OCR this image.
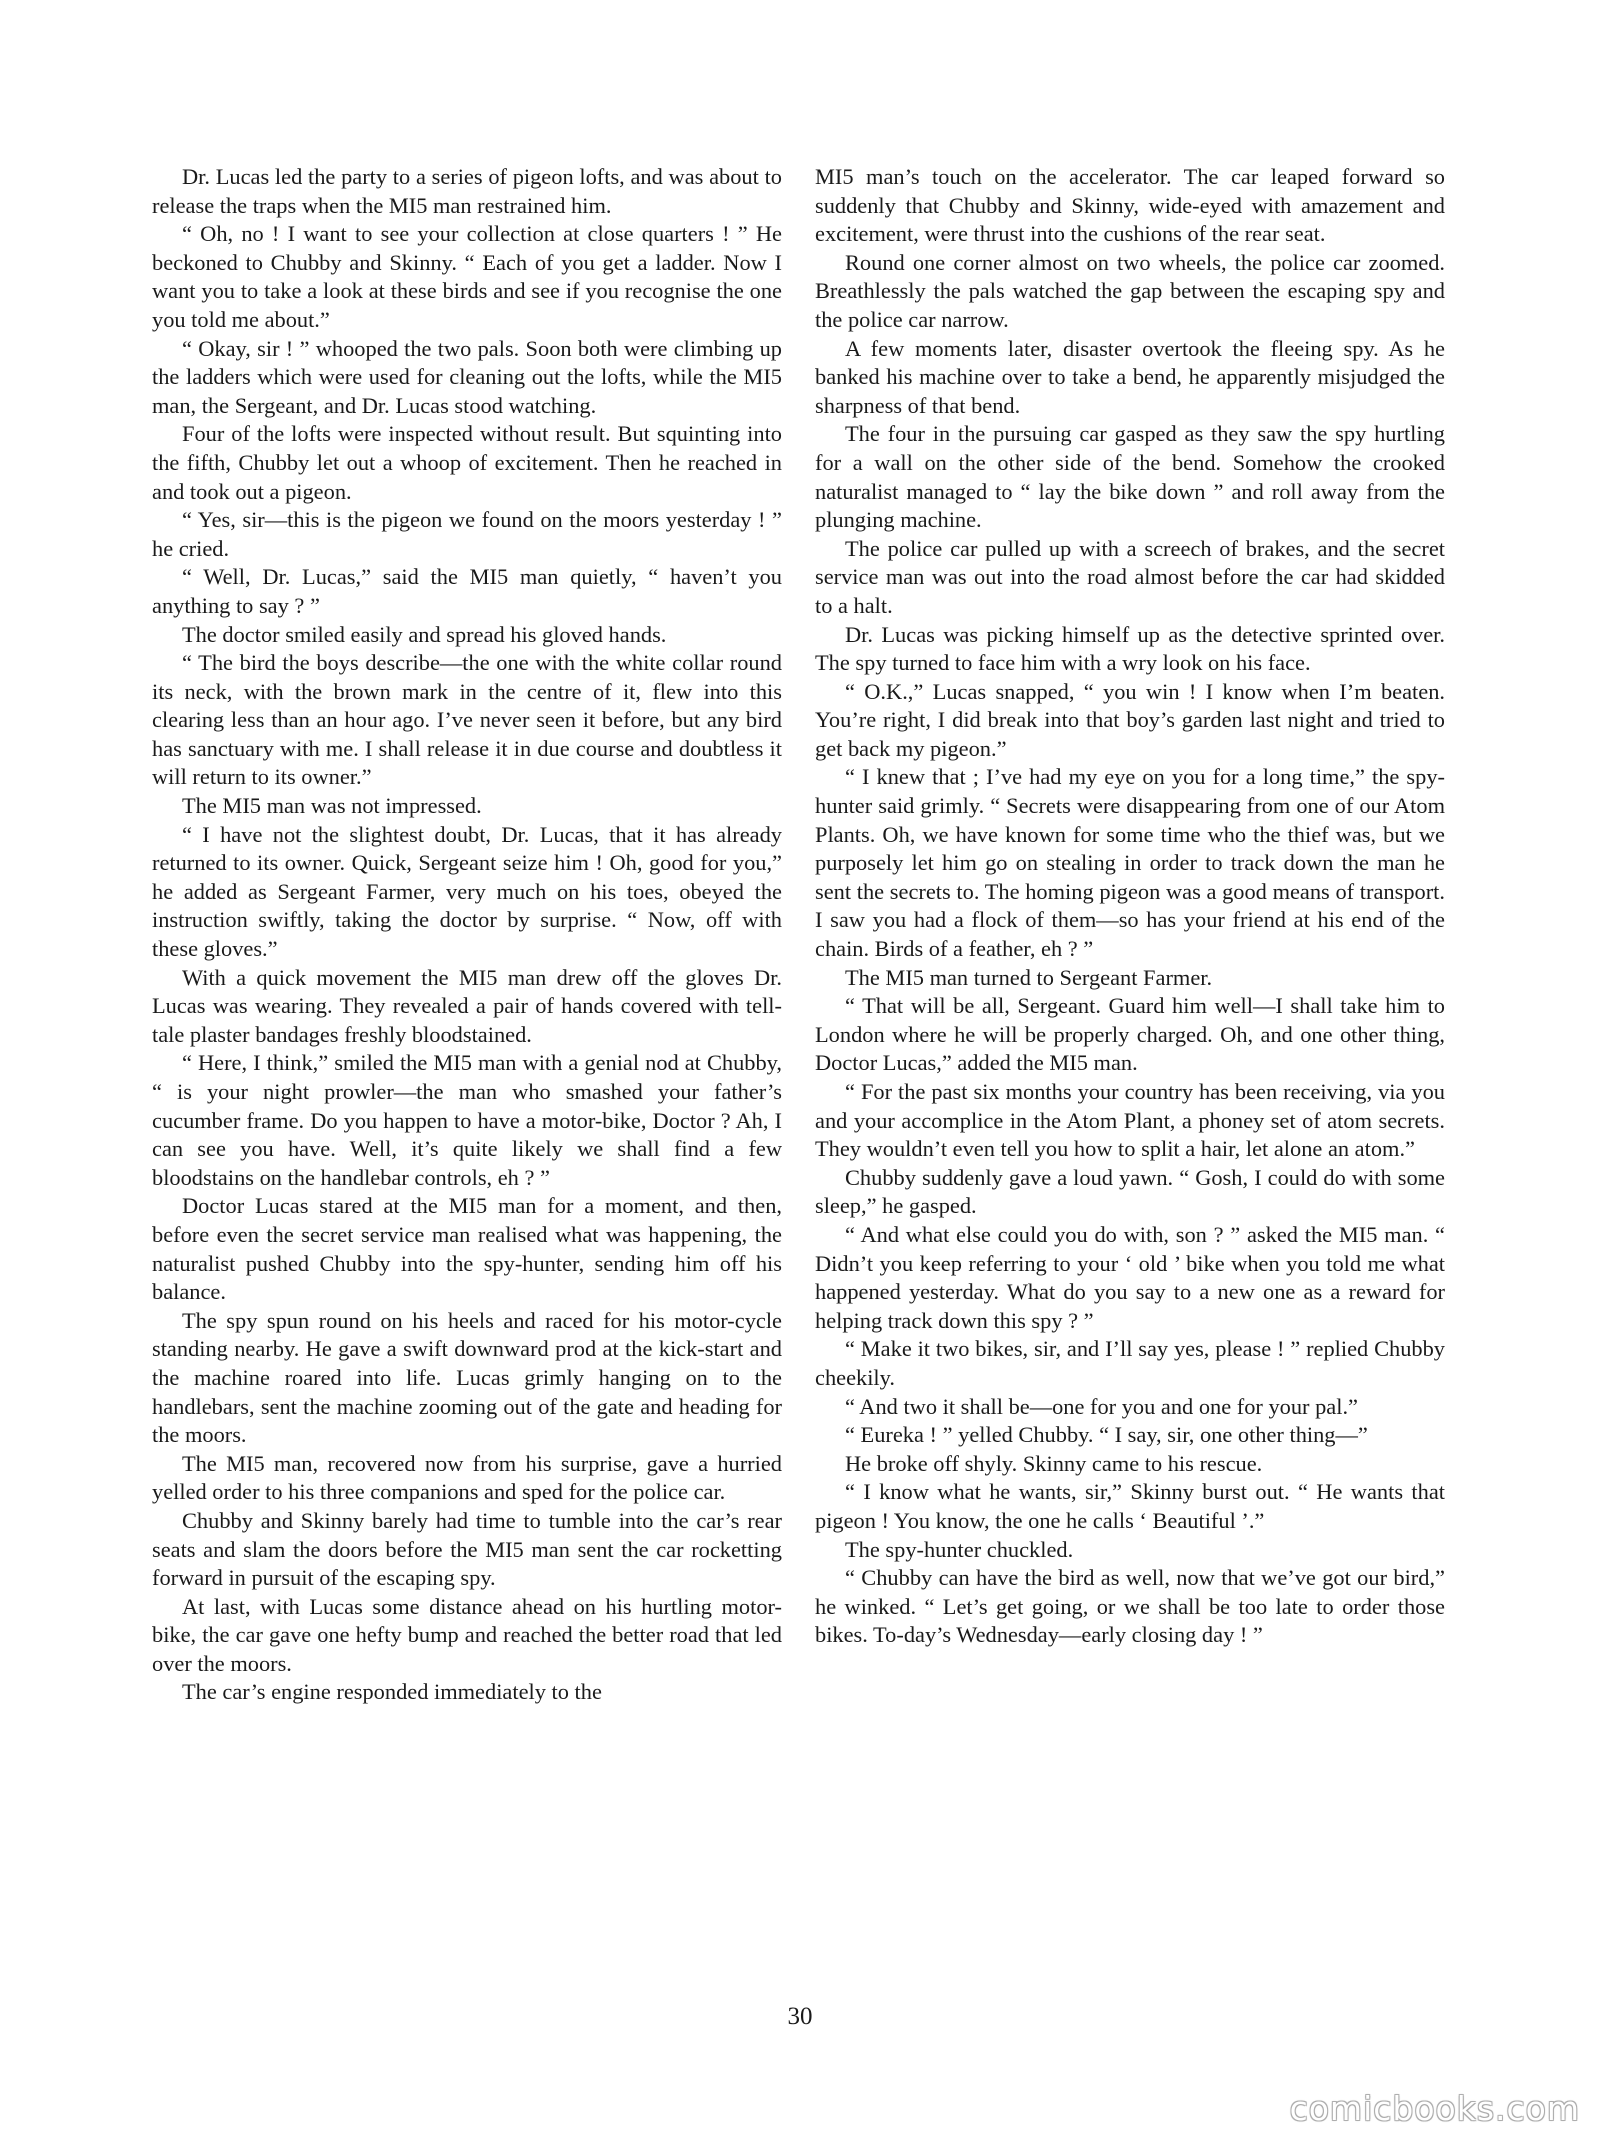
Dr. Lucas led the party to a series of pigeon lofts, and was about to release the traps when the MI5 man restrained him.

“ Oh, no ! I want to see your collection at close quarters ! ” He beckoned to Chubby and Skinny. “ Each of you get a ladder. Now I want you to take a look at these birds and see if you recognise the one you told me about.”

“ Okay, sir ! ” whooped the two pals. Soon both were climbing up the ladders which were used for cleaning out the lofts, while the MI5 man, the Sergeant, and Dr. Lucas stood watching.

Four of the lofts were inspected without result. But squinting into the fifth, Chubby let out a whoop of excitement. Then he reached in and took out a pigeon.

“ Yes, sir—this is the pigeon we found on the moors yesterday ! ” he cried.

“ Well, Dr. Lucas,” said the MI5 man quietly, “ haven’t you anything to say ? ”

The doctor smiled easily and spread his gloved hands.

“ The bird the boys describe—the one with the white collar round its neck, with the brown mark in the centre of it, flew into this clearing less than an hour ago. I’ve never seen it before, but any bird has sanctuary with me. I shall release it in due course and doubtless it will return to its owner.”

The MI5 man was not impressed.

“ I have not the slightest doubt, Dr. Lucas, that it has already returned to its owner. Quick, Sergeant seize him ! Oh, good for you,” he added as Sergeant Farmer, very much on his toes, obeyed the instruction swiftly, taking the doctor by surprise. “ Now, off with these gloves.”

With a quick movement the MI5 man drew off the gloves Dr. Lucas was wearing. They revealed a pair of hands covered with tell-tale plaster bandages freshly bloodstained.

“ Here, I think,” smiled the MI5 man with a genial nod at Chubby, “ is your night prowler—the man who smashed your father’s cucumber frame. Do you happen to have a motor-bike, Doctor ? Ah, I can see you have. Well, it’s quite likely we shall find a few bloodstains on the handlebar controls, eh ? ”

Doctor Lucas stared at the MI5 man for a moment, and then, before even the secret service man realised what was happening, the naturalist pushed Chubby into the spy-hunter, sending him off his balance.

The spy spun round on his heels and raced for his motor-cycle standing nearby. He gave a swift downward prod at the kick-start and the machine roared into life. Lucas grimly hanging on to the handlebars, sent the machine zooming out of the gate and heading for the moors.

The MI5 man, recovered now from his surprise, gave a hurried yelled order to his three companions and sped for the police car.

Chubby and Skinny barely had time to tumble into the car’s rear seats and slam the doors before the MI5 man sent the car rocketting forward in pursuit of the escaping spy.

At last, with Lucas some distance ahead on his hurtling motor-bike, the car gave one hefty bump and reached the better road that led over the moors.

The car’s engine responded immediately to the

MI5 man’s touch on the accelerator. The car leaped forward so suddenly that Chubby and Skinny, wide-eyed with amazement and excitement, were thrust into the cushions of the rear seat.

Round one corner almost on two wheels, the police car zoomed. Breathlessly the pals watched the gap between the escaping spy and the police car narrow.

A few moments later, disaster overtook the fleeing spy. As he banked his machine over to take a bend, he apparently misjudged the sharpness of that bend.

The four in the pursuing car gasped as they saw the spy hurtling for a wall on the other side of the bend. Somehow the crooked naturalist managed to “ lay the bike down ” and roll away from the plunging machine.

The police car pulled up with a screech of brakes, and the secret service man was out into the road almost before the car had skidded to a halt.

Dr. Lucas was picking himself up as the detective sprinted over. The spy turned to face him with a wry look on his face.

“ O.K.,” Lucas snapped, “ you win ! I know when I’m beaten. You’re right, I did break into that boy’s garden last night and tried to get back my pigeon.”

“ I knew that ; I’ve had my eye on you for a long time,” the spy-hunter said grimly. “ Secrets were disappearing from one of our Atom Plants. Oh, we have known for some time who the thief was, but we purposely let him go on stealing in order to track down the man he sent the secrets to. The homing pigeon was a good means of transport. I saw you had a flock of them—so has your friend at his end of the chain. Birds of a feather, eh ? ”

The MI5 man turned to Sergeant Farmer.

“ That will be all, Sergeant. Guard him well—I shall take him to London where he will be properly charged. Oh, and one other thing, Doctor Lucas,” added the MI5 man.

“ For the past six months your country has been receiving, via you and your accomplice in the Atom Plant, a phoney set of atom secrets. They wouldn’t even tell you how to split a hair, let alone an atom.”

Chubby suddenly gave a loud yawn. “ Gosh, I could do with some sleep,” he gasped.

“ And what else could you do with, son ? ” asked the MI5 man. “ Didn’t you keep referring to your ‘ old ’ bike when you told me what happened yesterday. What do you say to a new one as a reward for helping track down this spy ? ”

“ Make it two bikes, sir, and I’ll say yes, please ! ” replied Chubby cheekily.

“ And two it shall be—one for you and one for your pal.”

“ Eureka ! ” yelled Chubby. “ I say, sir, one other thing—”

He broke off shyly. Skinny came to his rescue.

“ I know what he wants, sir,” Skinny burst out. “ He wants that pigeon ! You know, the one he calls ‘ Beautiful ’.”

The spy-hunter chuckled.

“ Chubby can have the bird as well, now that we’ve got our bird,” he winked. “ Let’s get going, or we shall be too late to order those bikes. To-day’s Wednesday—early closing day ! ”

30
comicbooks.com
